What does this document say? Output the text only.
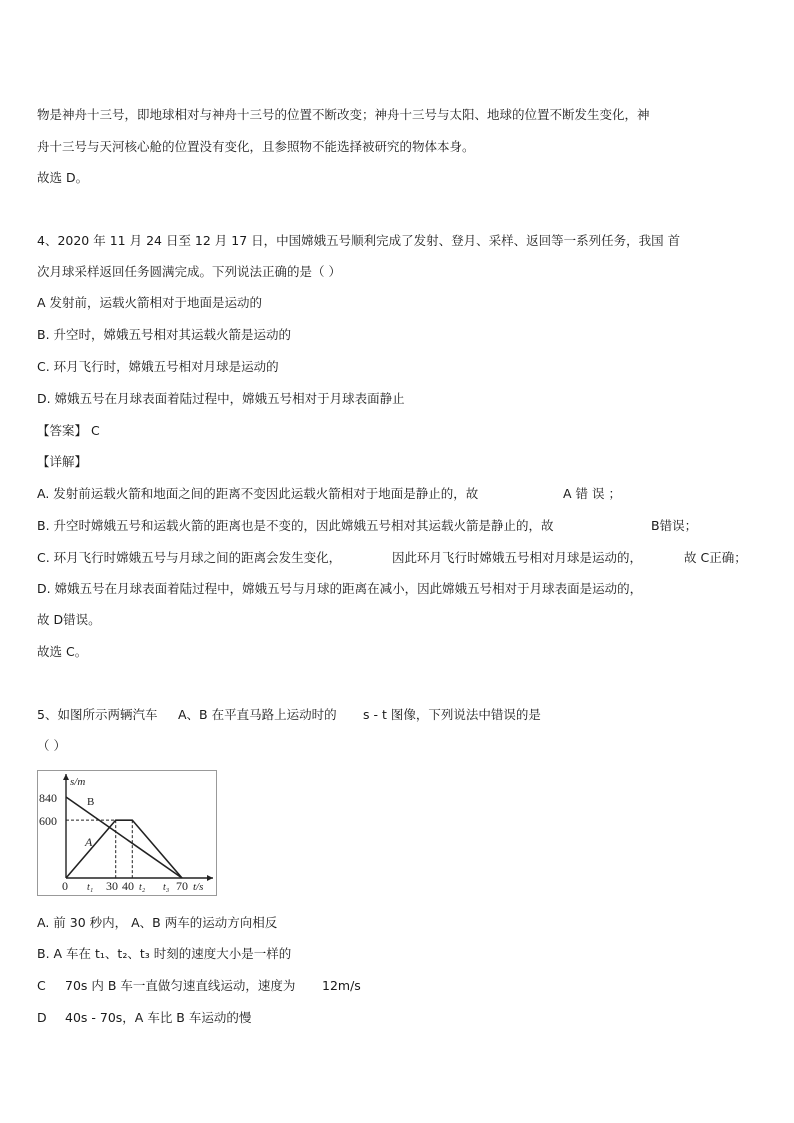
物是神舟十三号，即地球相对与神舟十三号的位置不断改变；神舟十三号与太阳、地球的位置不断发生变化，神
舟十三号与天河核心舱的位置没有变化，且参照物不能选择被研究的物体本身。
故选 D。
4、2020 年 11 月 24 日至 12 月 17 日，中国嫦娥五号顺利完成了发射、登月、采样、返回等一系列任务，我国 首
次月球采样返回任务圆满完成。下列说法正确的是（ ）
A 发射前，运载火箭相对于地面是运动的
B. 升空时，嫦娥五号相对其运载火箭是运动的
C. 环月飞行时，嫦娥五号相对月球是运动的
D. 嫦娥五号在月球表面着陆过程中，嫦娥五号相对于月球表面静止
【答案】 C
【详解】
A. 发射前运载火箭和地面之间的距离不变因此运载火箭相对于地面是静止的，故	A 错 误 ；
B. 升空时嫦娥五号和运载火箭的距离也是不变的，因此嫦娥五号相对其运载火箭是静止的，故	B错误；
C. 环月飞行时嫦娥五号与月球之间的距离会发生变化，	因此环月飞行时嫦娥五号相对月球是运动的，	故 C正确；
D. 嫦娥五号在月球表面着陆过程中，嫦娥五号与月球的距离在减小，因此嫦娥五号相对于月球表面是运动的，
故 D错误。
故选 C。
5、如图所示两辆汽车 A、B 在平直马路上运动时的 s - t 图像，下列说法中错误的是
（ ）
B
A
s/m
840
600
0 t₁ 30 40 t₂ t₃ 70 t/s
A. 前 30 秒内， A、B 两车的运动方向相反
B. A 车在 t₁、t₂、t₃ 时刻的速度大小是一样的
C 70s 内 B 车一直做匀速直线运动，速度为 12m/s
D 40s - 70s，A 车比 B 车运动的慢
